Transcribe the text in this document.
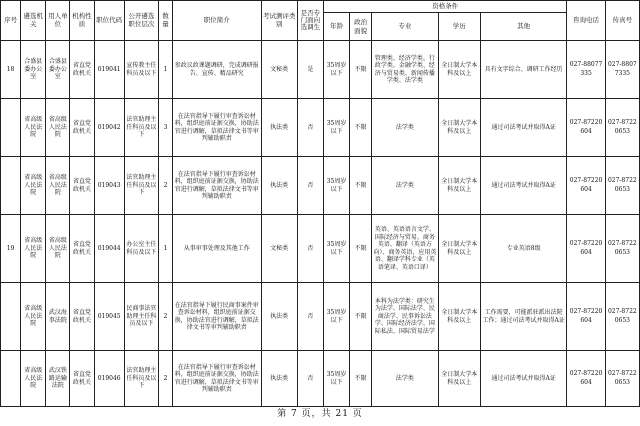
序号	遴选机关	用人单位	机构性质	职位代码	公开遴选职位层次	数量	职位简介	考试测评类别	是否专门面向选调生	资格条件					咨询电话	传真号
										年龄	政治面貌	专业	学历	其他		
18	合盛县委办公室	合盛县委办公室	省直党政机关	019041	宣传教主任科员及以下	1	参政议政课题调研，完成调研报告、宣传、精品研究	文秘类	是	35周岁以下	不限	管理类、经济学类、行政学类、金融学类、经济与贸易类、新闻传播学类、法学类	全日制大学本科及以上	具有文字综合、调研工作经历	027-88077335	027-88077335
	省高级人民法院	省高级人民法院	省直党政机关	019042	法官助理主任科员及以下	3	在法官指导下履行审查诉讼材料，组织庭前证据交换，协助法官进行调解，草拟法律文书等审判辅助职责	执法类	否	35周岁以下	不限	法学类	全日制大学本科及以上	通过司法考试并取得A证	027-87220604	027-87220653
	省高级人民法院	省高级人民法院	省直党政机关	019043	法官助理主任科员及以下	2	在法官指导下履行审查诉讼材料，组织庭前证据交换，协助法官进行调解，草拟法律文书等审判辅助职责	执法类	否	35周岁以下	不限	法学类	全日制大学本科及以上	通过司法考试并取得A证	027-87220604	027-87220653
19	省高级人民法院	省高级人民法院	省直党政机关	019044	办公室主任科员及以下	1	从事审事处理及其他工作	文秘类	否	35周岁以下	不限	英语、英语语言文学、国际经济与贸易、商务英语、翻译（英语方向）、商务英语、应用英语、翻译学科专业（英语笔译、英语口译）	全日制大学本科及以上	专业英语8级	027-87220604	027-87220653
	省高级人民法院	武汉海事法院	省直党政机关	019045	民商事法官助理主任科员及以下	2	在法官指导下履行民商事案件审查诉讼材料，组织庭前证据交换，协助法官进行调解，草拟法律文书等审判辅助职责	执法类	否	35周岁以下	不限	本科为法学类：研究生为法学、国际法学、民商法学、民事诉讼法学、国际经济法学、国际私法、国际贸易法学	全日制大学本科及以上	工作需要，可能派驻派出法院工作；通过司法考试并取得A证	027-87220604	027-87220653
	省高级人民法院	武汉铁路运输法院	省直党政机关	019046	法官助理主任科员及以下	2	在法官指导下履行审查诉讼材料，组织庭前证据交换，协助法官进行调解，草拟法律文书等审判辅助职责	执法类	否	35周岁以下	不限	法学类	全日制大学本科及以上	通过司法考试并取得A证	027-87220604	027-87220653
第 7 页，共 21 页
